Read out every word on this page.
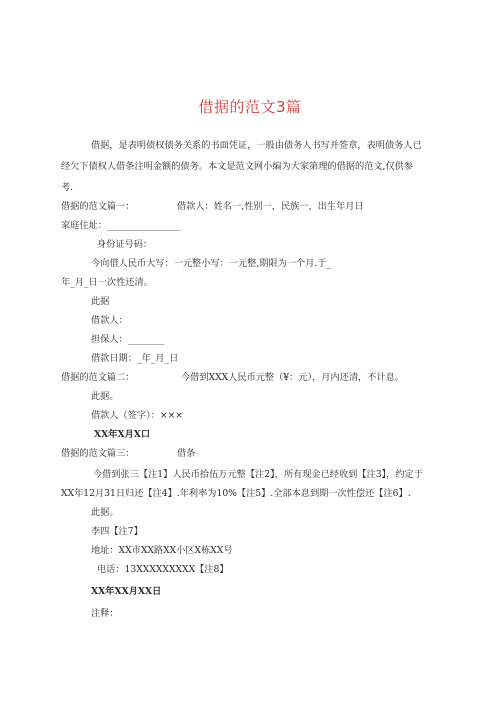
借据的范文3篇
借据，是表明债权债务关系的书面凭证，一般由债务人书写并签章，表明债务人已
经欠下债权人借条注明金额的债务。本文是范文网小编为大家第理的借据的范文,仅供参
考.
借据的范文篇一：	借款人：姓名一,性别一，民族一，出生年月日
家庭住址：________________
身份证号码：
今向借人民币大写：一元整小写：一元整,期限为一个月.于_
年_月_日一次性还清。
此据
借款人：
担保人：________
借款日期：_年_月_日
借据的范文篇二：	今借到XXX人民币元整（¥：元），月内还清，不计息。
此据。
借款人（签字）：×××
XX年X月X口
借据的范文篇三：	借条
今借到张三【注1】人民币拾伍万元整【注2】，所有现金已经收到【注3】，约定于
XX年12月31日归还【注4】.年利率为10%【注5】.全部本息到期一次性偿还【注6】.
此据。
李四【注7】
地址：XX市XX路XX小区X栋XX号
电话：13XXXXXXXXX【注8】
XX年XX月XX日
注释：
